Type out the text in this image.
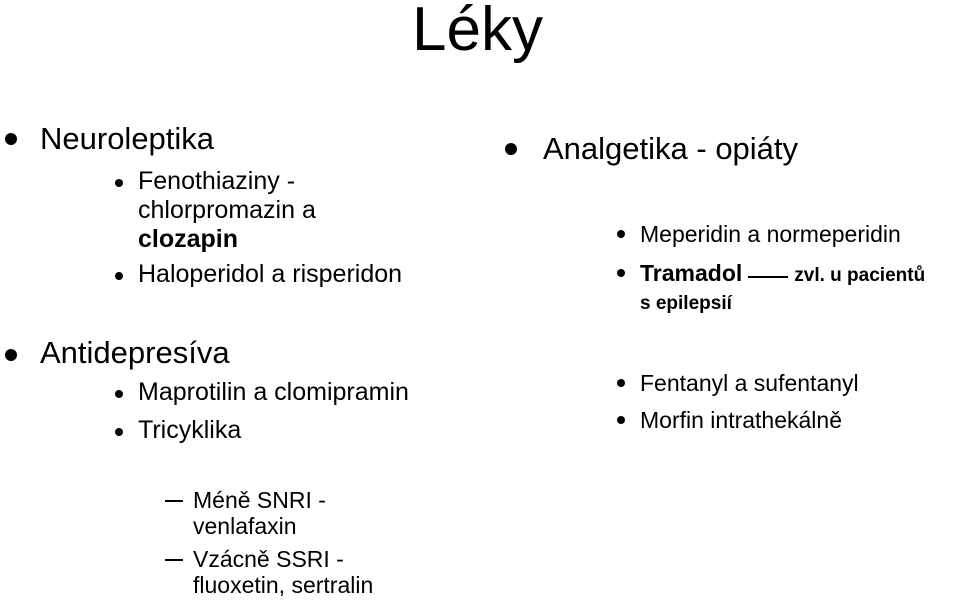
Léky
Neuroleptika
Fenothiaziny -
chlorpromazin a
clozapin
Haloperidol a risperidon
Antidepresíva
Maprotilin a clomipramin
Tricyklika
Méně SNRI -
venlafaxin
Vzácně SSRI -
fluoxetin, sertralin
Analgetika - opiáty
Meperidin a normeperidin
Tramadol	zvl. u pacientů
s epilepsií
Fentanyl a sufentanyl
Morfin intrathekálně
